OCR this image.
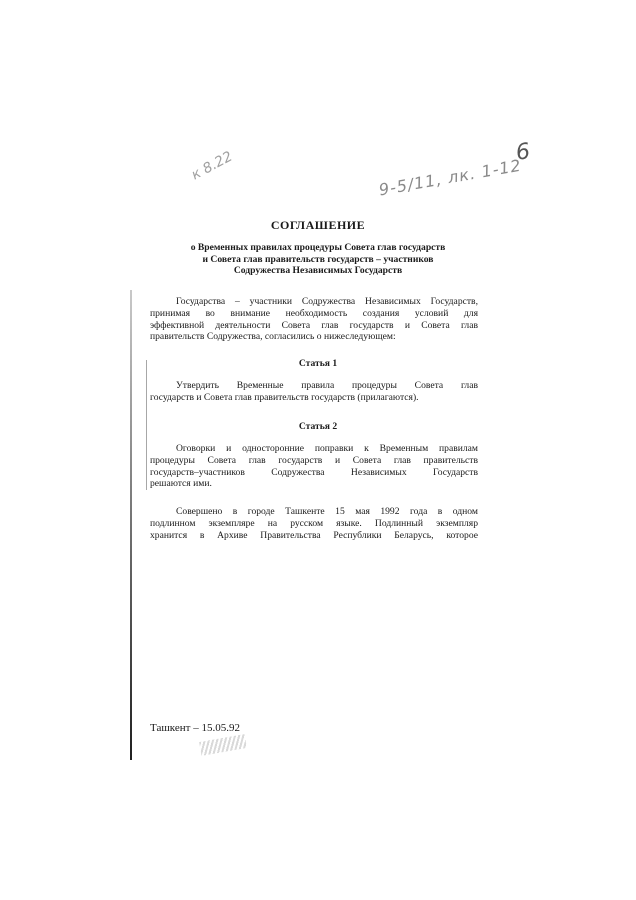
6
9-5/11, лк. 1-12
к 8.22
СОГЛАШЕНИЕ
о Временных правилах процедуры Совета глав государств
и Совета глав правительств государств – участников
Содружества Независимых Государств
Государства – участники Содружества Независимых Государств,
принимая во внимание необходимость создания условий для
эффективной деятельности Совета глав государств и Совета глав
правительств Содружества, согласились о нижеследующем:
Статья 1
Утвердить Временные правила процедуры Совета глав
государств и Совета глав правительств государств (прилагаются).
Статья 2
Оговорки и односторонние поправки к Временным правилам
процедуры Совета глав государств и Совета глав правительств
государств–участников Содружества Независимых Государств
решаются ими.
Совершено в городе Ташкенте 15 мая 1992 года в одном
подлинном экземпляре на русском языке. Подлинный экземпляр
хранится в Архиве Правительства Республики Беларусь, которое
Ташкент – 15.05.92
